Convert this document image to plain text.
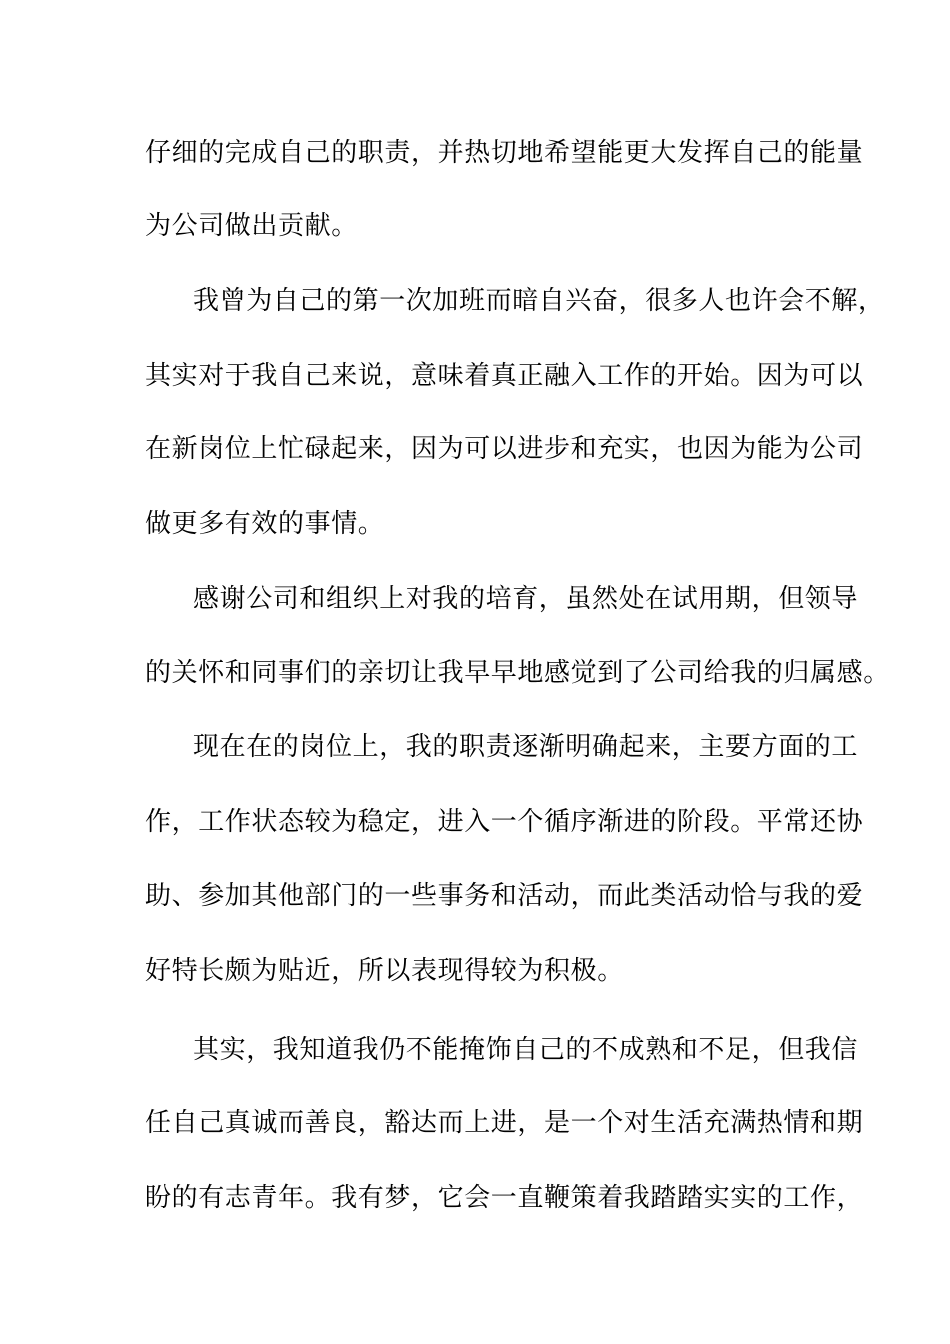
仔细的完成自己的职责，并热切地希望能更大发挥自己的能量
为公司做出贡献。
我曾为自己的第一次加班而暗自兴奋，很多人也许会不解，
其实对于我自己来说，意味着真正融入工作的开始。因为可以
在新岗位上忙碌起来，因为可以进步和充实，也因为能为公司
做更多有效的事情。
感谢公司和组织上对我的培育，虽然处在试用期，但领导
的关怀和同事们的亲切让我早早地感觉到了公司给我的归属感。
现在在的岗位上，我的职责逐渐明确起来，主要方面的工
作，工作状态较为稳定，进入一个循序渐进的阶段。平常还协
助、参加其他部门的一些事务和活动，而此类活动恰与我的爱
好特长颇为贴近，所以表现得较为积极。
其实，我知道我仍不能掩饰自己的不成熟和不足，但我信
任自己真诚而善良，豁达而上进，是一个对生活充满热情和期
盼的有志青年。我有梦，它会一直鞭策着我踏踏实实的工作，
